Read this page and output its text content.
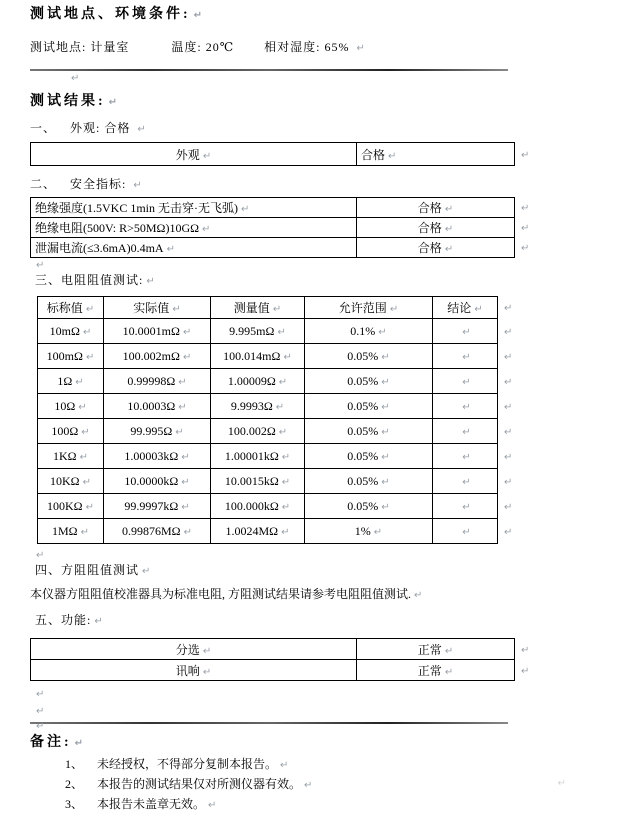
测试地点、环境条件: ↵
测试地点: 计量室	温度: 20℃	相对湿度: 65% ↵
↵
测试结果: ↵
一、 外观: 合格 ↵
外观 ↵	合格 ↵	↵
二、 安全指标: ↵
绝缘强度(1.5VKC 1min 无击穿·无飞弧) ↵	合格 ↵	↵
绝缘电阻(500V: R>50MΩ)10GΩ ↵	合格 ↵	↵
泄漏电流(≤3.6mA)0.4mA ↵	合格 ↵	↵
↵
三、电阻阻值测试: ↵
标称值 ↵	实际值 ↵	测量值 ↵	允许范围 ↵	结论 ↵	↵
10mΩ ↵	10.0001mΩ ↵	9.995mΩ ↵	0.1% ↵	↵	↵
100mΩ ↵	100.002mΩ ↵	100.014mΩ ↵	0.05% ↵	↵	↵
1Ω ↵	0.99998Ω ↵	1.00009Ω ↵	0.05% ↵	↵	↵
10Ω ↵	10.0003Ω ↵	9.9993Ω ↵	0.05% ↵	↵	↵
100Ω ↵	99.995Ω ↵	100.002Ω ↵	0.05% ↵	↵	↵
1KΩ ↵	1.00003kΩ ↵	1.00001kΩ ↵	0.05% ↵	↵	↵
10KΩ ↵	10.0000kΩ ↵	10.0015kΩ ↵	0.05% ↵	↵	↵
100KΩ ↵	99.9997kΩ ↵	100.000kΩ ↵	0.05% ↵	↵	↵
1MΩ ↵	0.99876MΩ ↵	1.0024MΩ ↵	1% ↵	↵	↵
↵
四、方阻阻值测试 ↵
本仪器方阻阻值校准器具为标准电阻, 方阻测试结果请参考电阻阻值测试. ↵
五、功能: ↵
分选 ↵	正常 ↵	↵
讯响 ↵	正常 ↵	↵
↵
↵
↵
备注: ↵
1、	未经授权，不得部分复制本报告。 ↵
2、	本报告的测试结果仅对所测仪器有效。 ↵
3、	本报告未盖章无效。 ↵
↵
